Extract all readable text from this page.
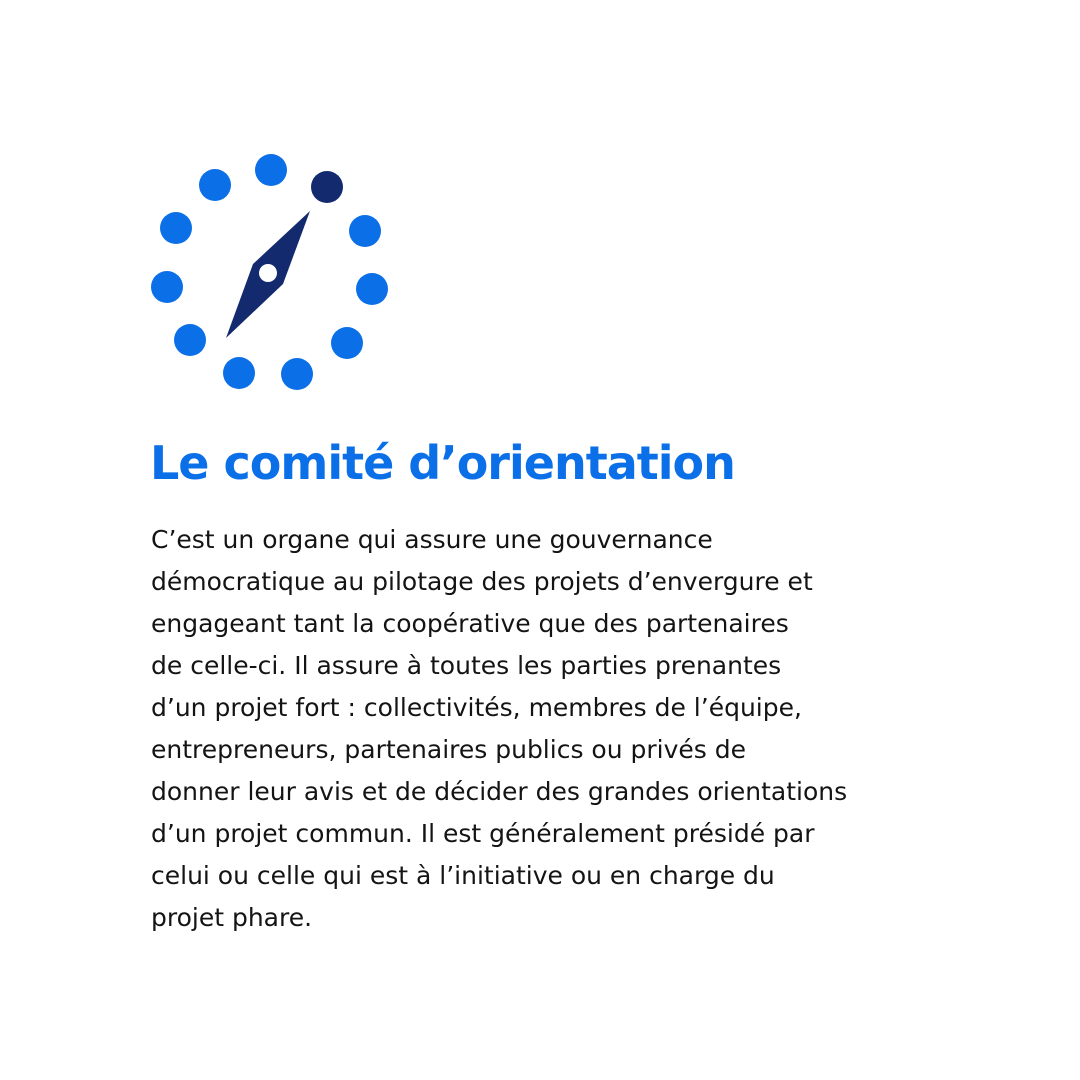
Le comité d’orientation
C’est un organe qui assure une gouvernance
démocratique au pilotage des projets d’envergure et
engageant tant la coopérative que des partenaires
de celle-ci. Il assure à toutes les parties prenantes
d’un projet fort : collectivités, membres de l’équipe,
entrepreneurs, partenaires publics ou privés de
donner leur avis et de décider des grandes orientations
d’un projet commun. Il est généralement présidé par
celui ou celle qui est à l’initiative ou en charge du
projet phare.
